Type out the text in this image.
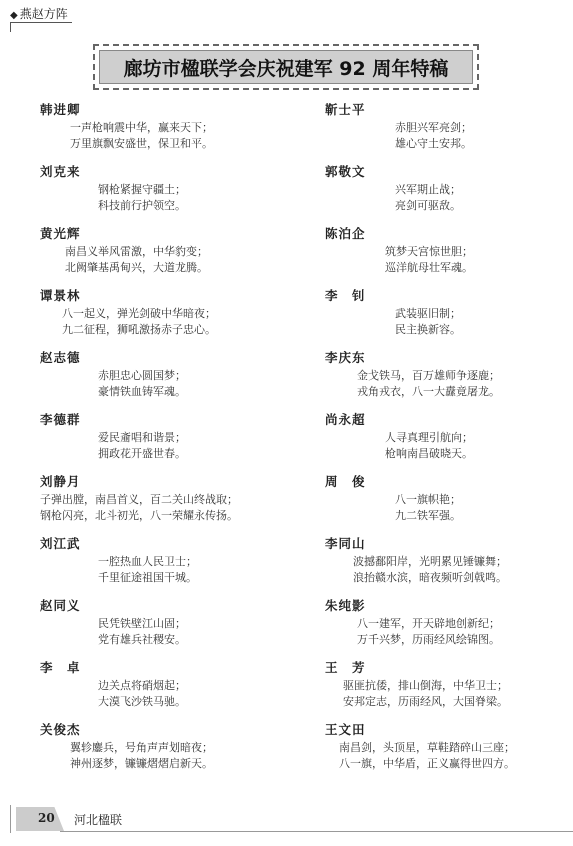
◆ 燕赵方阵
廊坊市楹联学会庆祝建军 92 周年特稿
韩进卿
一声枪响震中华，赢来天下；
万里旗飘安盛世，保卫和平。
刘克来
钢枪紧握守疆土；
科技前行护领空。
黄光辉
南昌义举风雷激，中华豹变；
北阙肇基禹甸兴，大道龙腾。
谭景林
八一起义，弹光剑破中华暗夜；
九二征程，狮吼激扬赤子忠心。
赵志德
赤胆忠心圆国梦；
豪情铁血铸军魂。
李德群
爱民齑唱和谐景；
拥政花开盛世春。
刘静月
子弹出膛，南昌首义，百二关山终战取；
钢枪闪亮，北斗初光，八一荣耀永传扬。
刘江武
一腔热血人民卫士；
千里征途祖国干城。
赵同义
民凭铁壁江山固；
党有雄兵社稷安。
李　卓
边关点将硝烟起；
大漠飞沙铁马驰。
关俊杰
翼轸鏖兵，号角声声划暗夜；
神州逐梦，镰镰熠熠启新天。
靳士平
赤胆兴军亮剑；
雄心守土安邦。
郭敬文
兴军期止战；
亮剑可驱敌。
陈泊企
筑梦天宫惊世胆；
巡洋航母壮军魂。
李　钊
武装驱旧制；
民主换新容。
李庆东
金戈铁马，百万雄师争逐鹿；
戎角戎衣，八一大纛竟屠龙。
尚永超
人寻真理引航向；
枪响南昌破晓天。
周　俊
八一旗帜艳；
九二铁军强。
李同山
波撼鄱阳岸，光明累见锤镰舞；
浪抬赣水滨，暗夜频听剑戟鸣。
朱纯影
八一建军，开天辟地创新纪；
万千兴梦，历雨经风绘锦图。
王　芳
驱匪抗倭，排山倒海，中华卫士；
安邦定志，历雨经风，大国脊梁。
王文田
南昌剑，头顶星，草鞋踏碎山三座；
八一旗，中华盾，正义赢得世四方。
20 河北楹联
